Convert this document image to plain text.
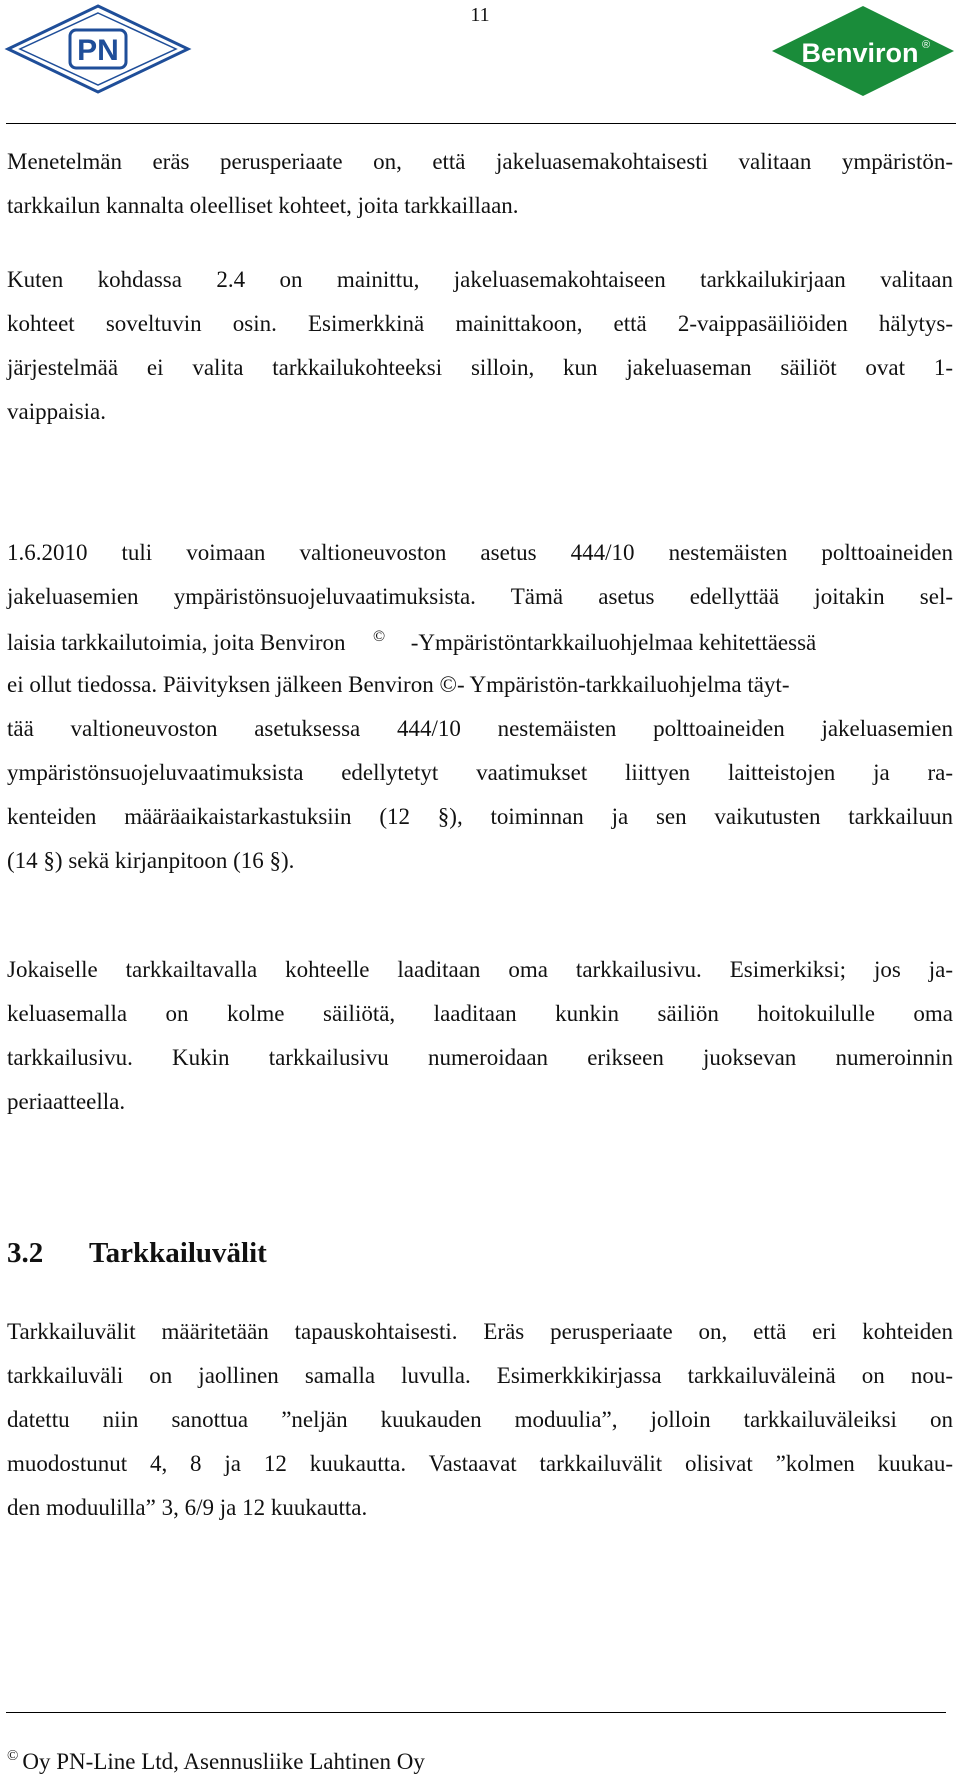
PN
11
Benviron ®
Menetelmän eräs perusperiaate on, että jakeluasemakohtaisesti valitaan ympäristön-
tarkkailun kannalta oleelliset kohteet, joita tarkkaillaan.
Kuten kohdassa 2.4 on mainittu, jakeluasemakohtaiseen tarkkailukirjaan valitaan
kohteet soveltuvin osin. Esimerkkinä mainittakoon, että 2-vaippasäiliöiden hälytys-
järjestelmää ei valita tarkkailukohteeksi silloin, kun jakeluaseman säiliöt ovat 1-
vaippaisia.
1.6.2010 tuli voimaan valtioneuvoston asetus 444/10 nestemäisten polttoaineiden
jakeluasemien ympäristönsuojeluvaatimuksista. Tämä asetus edellyttää joitakin sel-
laisia tarkkailutoimia, joita Benviron © -Ympäristöntarkkailuohjelmaa kehitettäessä
ei ollut tiedossa. Päivityksen jälkeen Benviron ©- Ympäristön-tarkkailuohjelma täyt-
tää valtioneuvoston asetuksessa 444/10 nestemäisten polttoaineiden jakeluasemien
ympäristönsuojeluvaatimuksista edellytetyt vaatimukset liittyen laitteistojen ja ra-
kenteiden määräaikaistarkastuksiin (12 §), toiminnan ja sen vaikutusten tarkkailuun
(14 §) sekä kirjanpitoon (16 §).
Jokaiselle tarkkailtavalla kohteelle laaditaan oma tarkkailusivu. Esimerkiksi; jos ja-
keluasemalla on kolme säiliötä, laaditaan kunkin säiliön hoitokuilulle oma
tarkkailusivu. Kukin tarkkailusivu numeroidaan erikseen juoksevan numeroinnin
periaatteella.
3.2 Tarkkailuvälit
Tarkkailuvälit määritetään tapauskohtaisesti. Eräs perusperiaate on, että eri kohteiden
tarkkailuväli on jaollinen samalla luvulla. Esimerkkikirjassa tarkkailuväleinä on nou-
datettu niin sanottua ”neljän kuukauden moduulia”, jolloin tarkkailuväleiksi on
muodostunut 4, 8 ja 12 kuukautta. Vastaavat tarkkailuvälit olisivat ”kolmen kuukau-
den moduulilla” 3, 6/9 ja 12 kuukautta.
© Oy PN-Line Ltd, Asennusliike Lahtinen Oy
